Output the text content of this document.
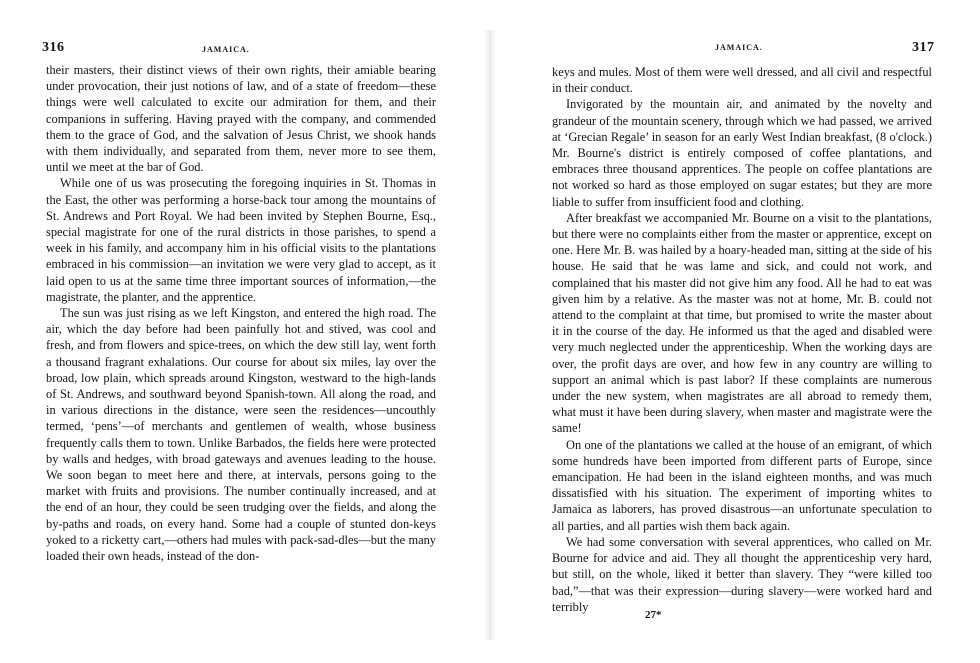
316	JAMAICA.

their masters, their distinct views of their own rights, their amiable bearing under provocation, their just notions of law, and of a state of freedom—these things were well calculated to excite our admiration for them, and their companions in suffering. Having prayed with the company, and commended them to the grace of God, and the salvation of Jesus Christ, we shook hands with them individually, and separated from them, never more to see them, until we meet at the bar of God.

While one of us was prosecuting the foregoing inquiries in St. Thomas in the East, the other was performing a horse-back tour among the mountains of St. Andrews and Port Royal. We had been invited by Stephen Bourne, Esq., special magistrate for one of the rural districts in those parishes, to spend a week in his family, and accompany him in his official visits to the plantations embraced in his commission—an invitation we were very glad to accept, as it laid open to us at the same time three important sources of information,—the magistrate, the planter, and the apprentice.

The sun was just rising as we left Kingston, and entered the high road. The air, which the day before had been painfully hot and stived, was cool and fresh, and from flowers and spice-trees, on which the dew still lay, went forth a thousand fragrant exhalations. Our course for about six miles, lay over the broad, low plain, which spreads around Kingston, westward to the high-lands of St. Andrews, and southward beyond Spanish-town. All along the road, and in various directions in the distance, were seen the residences—uncouthly termed, ‘pens’—of merchants and gentlemen of wealth, whose business frequently calls them to town. Unlike Barbados, the fields here were protected by walls and hedges, with broad gateways and avenues leading to the house. We soon began to meet here and there, at intervals, persons going to the market with fruits and provisions. The number continually increased, and at the end of an hour, they could be seen trudging over the fields, and along the by-paths and roads, on every hand. Some had a couple of stunted don-keys yoked to a ricketty cart,—others had mules with pack-sad-dles—but the many loaded their own heads, instead of the don-

JAMAICA.	317

keys and mules. Most of them were well dressed, and all civil and respectful in their conduct.

Invigorated by the mountain air, and animated by the novelty and grandeur of the mountain scenery, through which we had passed, we arrived at ‘Grecian Regale’ in season for an early West Indian breakfast, (8 o'clock.) Mr. Bourne's district is entirely composed of coffee plantations, and embraces three thousand apprentices. The people on coffee plantations are not worked so hard as those employed on sugar estates; but they are more liable to suffer from insufficient food and clothing.

After breakfast we accompanied Mr. Bourne on a visit to the plantations, but there were no complaints either from the master or apprentice, except on one. Here Mr. B. was hailed by a hoary-headed man, sitting at the side of his house. He said that he was lame and sick, and could not work, and complained that his master did not give him any food. All he had to eat was given him by a relative. As the master was not at home, Mr. B. could not attend to the complaint at that time, but promised to write the master about it in the course of the day. He informed us that the aged and disabled were very much neglected under the apprenticeship. When the working days are over, the profit days are over, and how few in any country are willing to support an animal which is past labor? If these complaints are numerous under the new system, when magistrates are all abroad to remedy them, what must it have been during slavery, when master and magistrate were the same!

On one of the plantations we called at the house of an emigrant, of which some hundreds have been imported from different parts of Europe, since emancipation. He had been in the island eighteen months, and was much dissatisfied with his situation. The experiment of importing whites to Jamaica as laborers, has proved disastrous—an unfortunate speculation to all parties, and all parties wish them back again.

We had some conversation with several apprentices, who called on Mr. Bourne for advice and aid. They all thought the apprenticeship very hard, but still, on the whole, liked it better than slavery. They “were killed too bad,”—that was their expression—during slavery—were worked hard and terribly

27*
